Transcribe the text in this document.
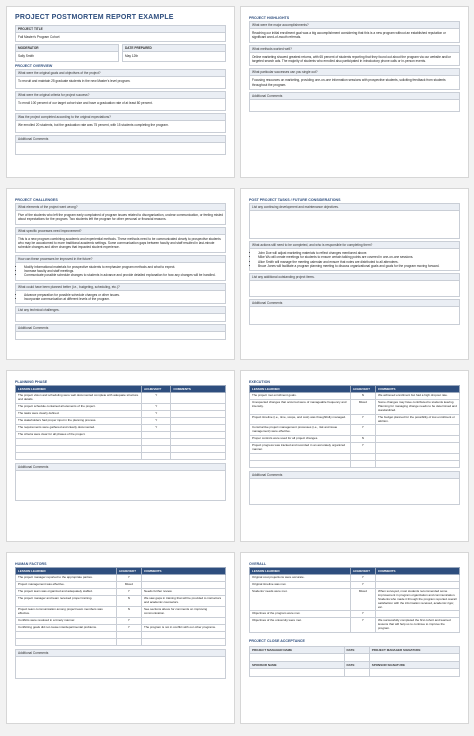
PROJECT POSTMORTEM REPORT EXAMPLE
PROJECT TITLE
Fall Master's Program Cohort
MODERATOR
Sally Smith
DATE PREPARED
May 12th
PROJECT OVERVIEW
What were the original goals and objectives of the project?
To recruit and maintain 25 graduate students in the new Master's level program.
What were the original criteria for project success?
To enroll 100 percent of our target cohort size and have a graduation rate of at least 80 percent.
Was the project completed according to the original expectations?
We enrolled 20 students, but the graduation rate was 75 percent, with 15 students completing the program.
Additional Comments
PROJECT HIGHLIGHTS
What were the major accomplishments?
Reaching our initial enrollment goal was a big accomplishment considering that this is a new program without an established reputation or significant word-of-mouth referrals.
What methods worked well?
Online marketing showed greatest returns, with 65 percent of students reporting that they found out about the program via our website and/or targeted search ads. The majority of students who enrolled also participated in introductory phone calls or in-person events.
What particular successes can you single out?
Focusing resources on marketing, providing one-on-one information sessions with prospective students, soliciting feedback from students throughout the program.
Additional Comments
PROJECT CHALLENGES
What elements of the project went wrong?
Five of the students who left the program early complained of program issues related to disorganization, unclear communication, or feeling misled about expectations for the program. Two students left the program for other personal or financial reasons.
What specific processes need improvement?
This is a new program combining academic and experiential methods. These methods need to be communicated clearly to prospective students who may be accustomed to more traditional academic settings. Some communication gaps between faculty and staff resulted in last-minute schedule changes and other changes that impacted student experience.
How can these processes be improved in the future?
• Modify informational materials for prospective students to emphasize program methods and what to expect.
• Increase faculty and staff meetings.
• Communicate possible schedule changes to students in advance and provide detailed explanation for how any changes will be handled.
What could have been planned better (i.e., budgeting, scheduling, etc.)?
• Advance preparation for possible schedule changes or other issues.
• Incorporate communication at different levels of the program.
List any technical challenges.
Additional Comments
POST PROJECT TASKS / FUTURE CONSIDERATIONS
List any continuing development and maintenance objectives.
What actions still need to be completed, and who is responsible for completing them?
• John Doe will adjust marketing materials to reflect changes mentioned above.
• Mike Wu will create meetings for students to ensure certain talking points are covered in one-on-one sessions.
• Alice Smith will manage the meeting calendar and ensure that notes are distributed to all attendees.
• Bruce Jones will facilitate a program planning meeting to discuss organizational goals and goals for the program moving forward.
List any additional outstanding project items.
Additional Comments
PLANNING PHASE
LESSON LEARNED	ACHIEVED?	COMMENTS
The project vision and scheduling were well documented complete with adequate structure and details.	Y	
The project schedule contained all elements of the project.	Y	
The tasks were clearly defined.	Y	
The stakeholders had proper input in the planning process.	Y	
The requirements were gathered and clearly documented.	Y	
The criteria were clear for all phases of the project.		

Additional Comments
EXECUTION
LESSON LEARNED	ACHIEVED?	COMMENTS
The project met enrollment goals.	N	We achieved enrollment but had a high dropout rate.
Unexpected changes that occurred were of manageable frequency and intensity.	Mixed	Some changes may have contributed to students leaving. Planning for managing change needs to be determined and standardized.
Project timeline (i.e., time, scope, and cost) was thoughtfully managed.	Y	The budget planned for the possibility of low enrollment or attrition.
Constructive project management processes (i.e., risk and issue management) were effective.	Y	
Proper controls were used for all project changes.	N	
Project progress was tracked and recorded in an accurately organized manner.	Y	

Additional Comments
HUMAN FACTORS
LESSON LEARNED	ACHIEVED?	COMMENTS
The project manager reported to the appropriate parties.	Y	
Project management was effective.	Mixed	
The project team was organized and adequately staffed.	Y	Needs further review.
The project manager and team received proper training.	N	We saw gaps in training that will be provided to instructors and academic counselors.
Project team communication among project team members was effective.	N	See sections above for comments on improving communication.
Conflicts were resolved in a timely manner.	Y	
Conflicting goals did not cause interdepartmental problems.	Y	The program is not in conflict with our other programs.

Additional Comments
OVERALL
LESSON LEARNED	ACHIEVED?	COMMENTS
Original cost projections were accurate.	Y	
Original timeline was met.	Y	
Students' needs were met.	Mixed	When surveyed, most students recommended some improvement in program organization and communication. Students who made it through the program reported overall satisfaction with the information received, academic rigor, etc.
Objectives of the program were met.	Y	
Objectives of the university were met.	Y	We successfully completed the first cohort and learned lessons that will help us to continue to improve the program.
PROJECT CLOSE ACCEPTANCE
PROJECT MANAGER NAME	DATE	PROJECT MANAGER SIGNATURE

SPONSOR NAME	DATE	SPONSOR SIGNATURE
